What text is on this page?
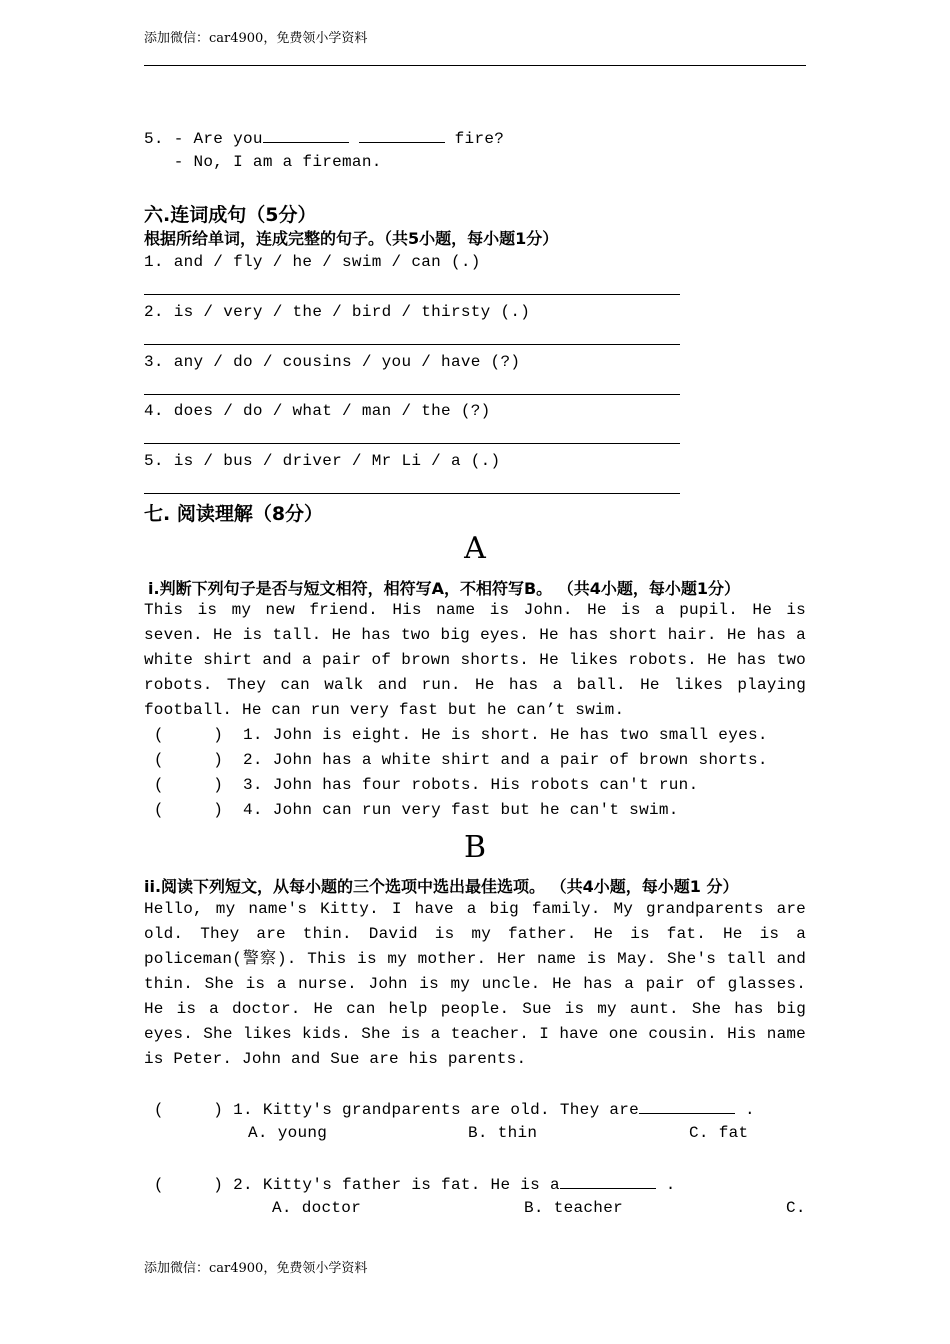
添加微信：car4900，免费领小学资料
5. - Are you	fire?
- No, I am a fireman.
六.连词成句（5分）
根据所给单词，连成完整的句子。（共5小题，每小题1分）
1. and / fly / he / swim / can (.)
2. is / very / the / bird / thirsty (.)
3. any / do / cousins / you / have (?)
4. does / do / what / man / the (?)
5. is / bus / driver / Mr Li / a (.)
七. 阅读理解（8分）
A
i.判断下列句子是否与短文相符，相符写A，不相符写B。 （共4小题，每小题1分）
This is my new friend. His name is John. He is a pupil. He is seven. He is tall. He has two big eyes. He has short hair. He has a white shirt and a pair of brown shorts. He likes robots. He has two robots. They can walk and run. He has a ball. He likes playing football. He can run very fast but he can’t swim.
(     )  1. John is eight. He is short. He has two small eyes.
(     )  2. John has a white shirt and a pair of brown shorts.
(     )  3. John has four robots. His robots can't run.
(     )  4. John can run very fast but he can't swim.
B
ii.阅读下列短文，从每小题的三个选项中选出最佳选项。 （共4小题，每小题1 分）
Hello, my name's Kitty. I have a big family. My grandparents are old. They are thin. David is my father. He is fat. He is a policeman(警察). This is my mother. Her name is May. She's tall and thin. She is a nurse. John is my uncle. He has a pair of glasses. He is a doctor. He can help people. Sue is my aunt. She has big eyes. She likes kids. She is a teacher. I have one cousin. His name is Peter. John and Sue are his parents.
(     ) 1. Kitty's grandparents are old. They are	.
A. young	B. thin	C. fat
(     ) 2. Kitty's father is fat. He is a	.
A. doctor	B. teacher	C.
添加微信：car4900，免费领小学资料
